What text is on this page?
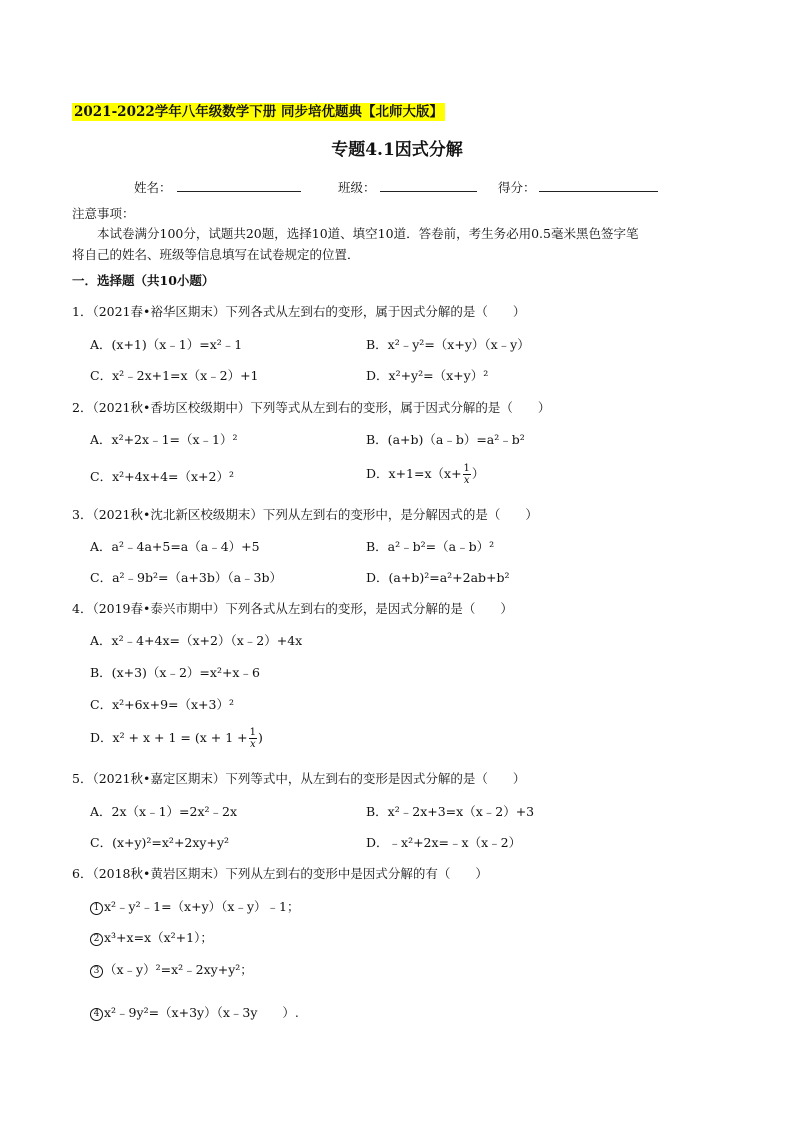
2021-2022学年八年级数学下册 同步培优题典【北师大版】
专题4.1因式分解
姓名：	班级：	得分：
注意事项：
本试卷满分100分，试题共20题，选择10道、填空10道．答卷前，考生务必用0.5毫米黑色签字笔
将自己的姓名、班级等信息填写在试卷规定的位置．
一．选择题（共10小题）
1．（2021春•裕华区期末）下列各式从左到右的变形，属于因式分解的是（　　）
A．(x+1)（x﹣1）=x²﹣1	B．x²﹣y²=（x+y）（x﹣y）
C．x²﹣2x+1=x（x﹣2）+1	D．x²+y²=（x+y）²
2．（2021秋•香坊区校级期中）下列等式从左到右的变形，属于因式分解的是（　　）
A．x²+2x﹣1=（x﹣1）²	B．(a+b)（a﹣b）=a²﹣b²
C．x²+4x+4=（x+2）²	D．$x+1=x(x+ \frac{1}{x}$ ）
3．（2021秋•沈北新区校级期末）下列从左到右的变形中，是分解因式的是（　　）
A．a²﹣4a+5=a（a﹣4）+5	B．a²﹣b²=（a﹣b）²
C．a²﹣9b²=（a+3b）（a﹣3b）	D．(a+b)²=a²+2ab+b²
4．（2019春•泰兴市期中）下列各式从左到右的变形，是因式分解的是（　　）
A．x²﹣4+4x=（x+2）（x﹣2）+4x
B．(x+3)（x﹣2）=x²+x﹣6
C．x²+6x+9=（x+3）²
D．$x^2 + x + 1 = (x + 1 + \frac{1}{x}$ )
5．（2021秋•嘉定区期末）下列等式中，从左到右的变形是因式分解的是（　　）
A．2x（x﹣1）=2x²﹣2x	B．x²﹣2x+3=x（x﹣2）+3
C．(x+y)²=x²+2xy+y²	D．﹣x²+2x=﹣x（x﹣2）
6．（2018秋•黄岩区期末）下列从左到右的变形中是因式分解的有（　　）
1 x²﹣y²﹣1=（x+y）（x﹣y）﹣1；
2 x³+x=x（x²+1）；
3 （x﹣y）²=x²﹣2xy+y²；
4 x²﹣9y²=（x+3y）（x﹣3y　　）.
